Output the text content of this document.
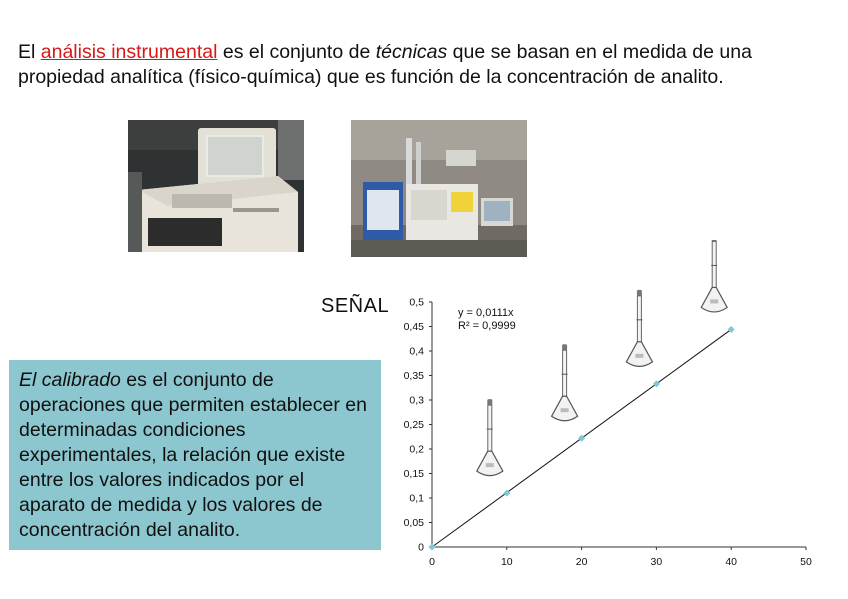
El análisis instrumental es el conjunto de técnicas que se basan en el medida de una propiedad analítica (físico-química) que es función de la concentración de analito.
SEÑAL

El calibrado es el conjunto de operaciones que permiten establecer en determinadas condiciones experimentales, la relación que existe entre los valores indicados por el aparato de medida y los valores de concentración del analito.

0
0,05
0,1
0,15
0,2
0,25
0,3
0,35
0,4
0,45
0,5
0	10	20	30	40	50
y = 0,0111x
R² = 0,9999
